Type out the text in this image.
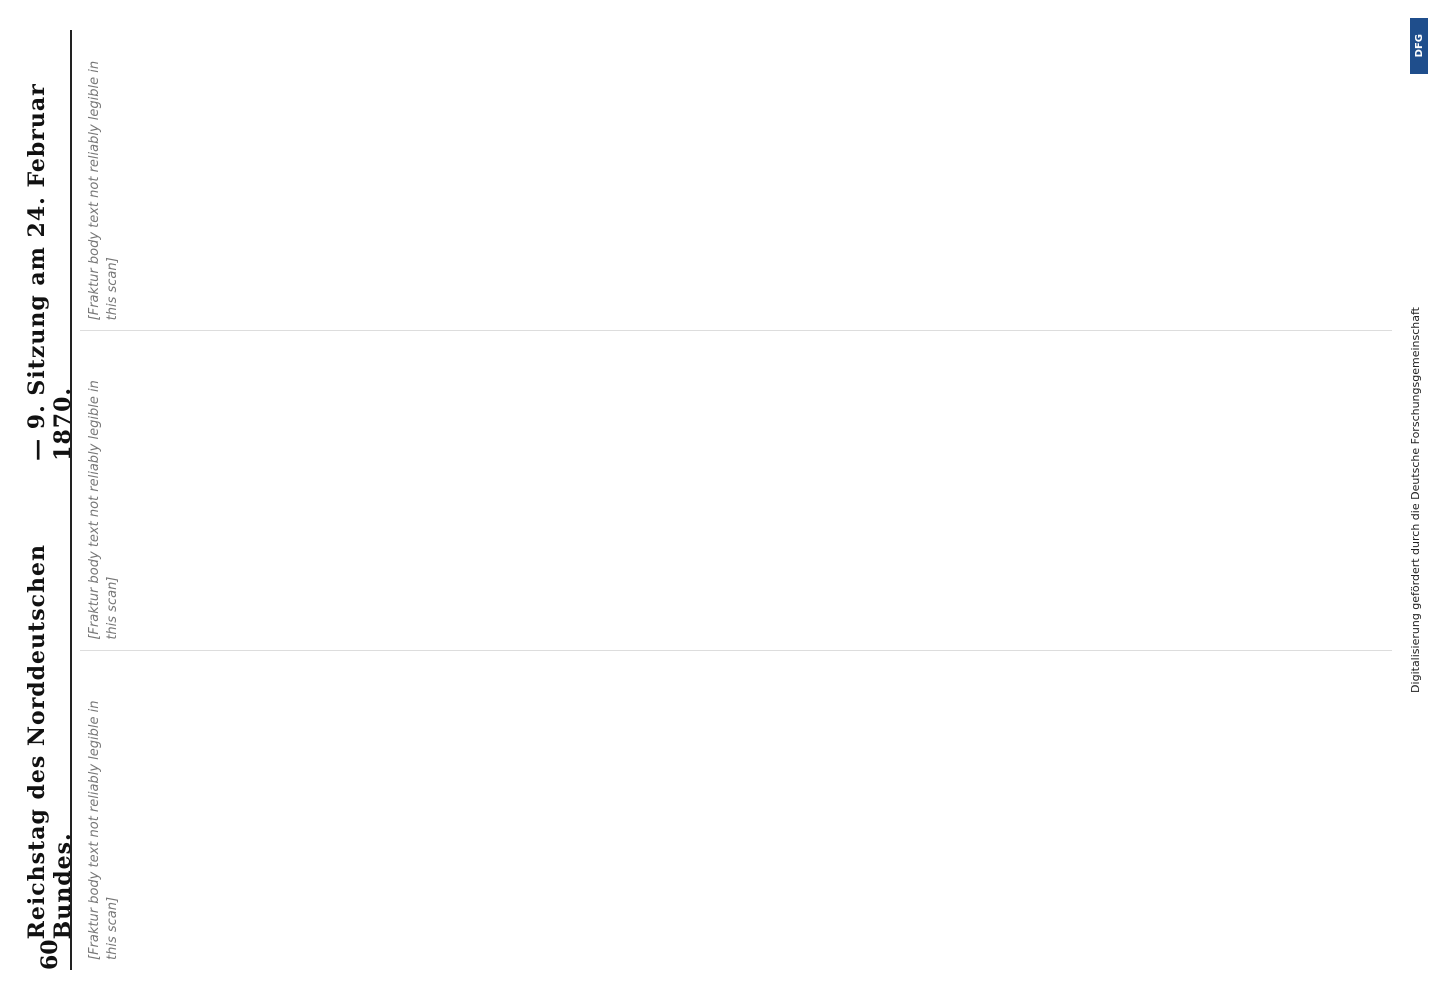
60
Reichstag des Norddeutschen Bundes.
— 9. Sitzung am 24. Februar 1870.
[Fraktur body text not reliably legible in this scan]
[Fraktur body text not reliably legible in this scan]
[Fraktur body text not reliably legible in this scan]
Digitalisierung gefördert durch die Deutsche Forschungsgemeinschaft
DFG
